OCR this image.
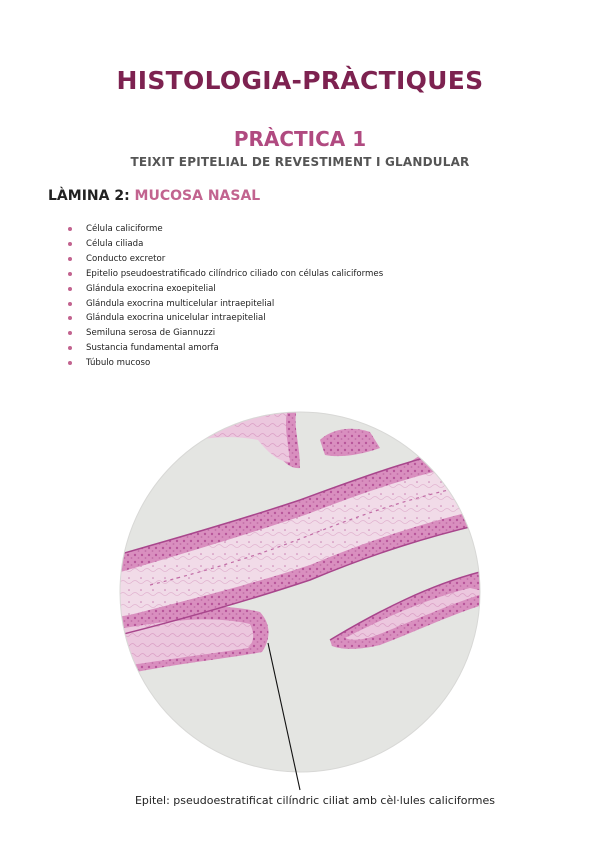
HISTOLOGIA-PRÀCTIQUES
PRÀCTICA 1
TEIXIT EPITELIAL DE REVESTIMENT I GLANDULAR
LÀMINA 2: MUCOSA NASAL
Célula caliciforme
Célula ciliada
Conducto excretor
Epitelio pseudoestratificado cilíndrico ciliado con células caliciformes
Glándula exocrina exoepitelial
Glándula exocrina multicelular intraepitelial
Glándula exocrina unicelular intraepitelial
Semiluna serosa de Giannuzzi
Sustancia fundamental amorfa
Túbulo mucoso
Epitel: pseudoestratificat cilíndric ciliat amb cèl·lules caliciformes
